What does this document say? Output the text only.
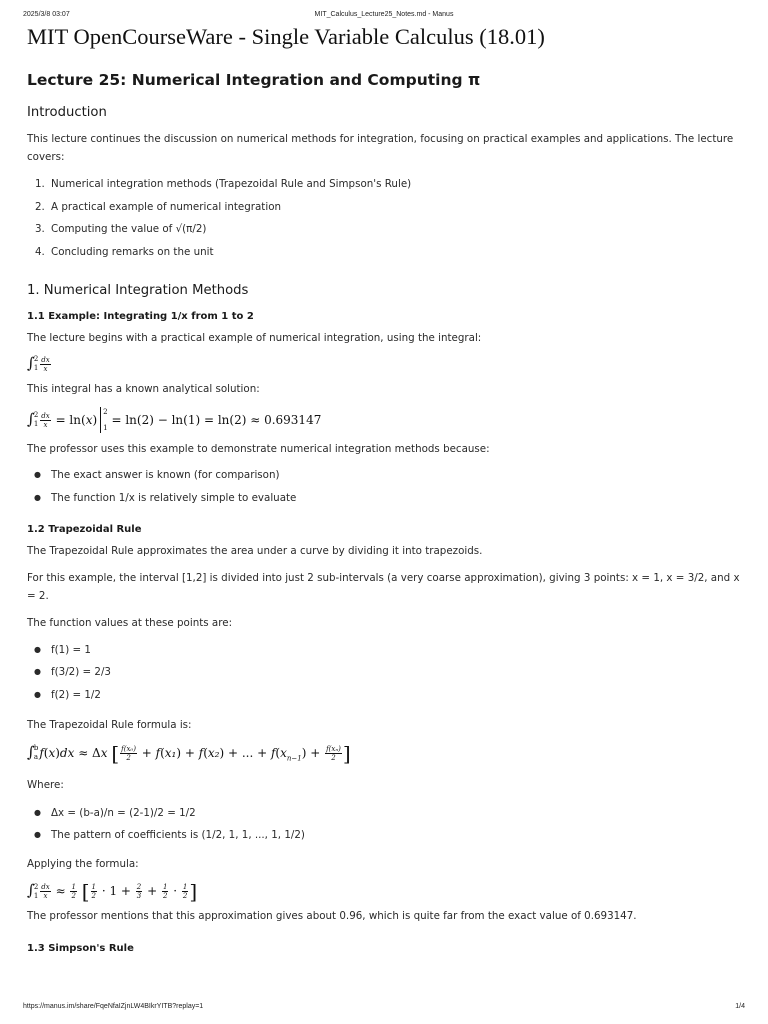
2025/3/8 03:07	MIT_Calculus_Lecture25_Notes.md - Manus
MIT OpenCourseWare - Single Variable Calculus (18.01)
Lecture 25: Numerical Integration and Computing π
Introduction

This lecture continues the discussion on numerical methods for integration, focusing on practical examples and applications. The lecture covers:

1. Numerical integration methods (Trapezoidal Rule and Simpson's Rule)
2. A practical example of numerical integration
3. Computing the value of √(π/2)
4. Concluding remarks on the unit
1. Numerical Integration Methods
1.1 Example: Integrating 1/x from 1 to 2

The lecture begins with a practical example of numerical integration, using the integral:

∫ 2
$1 \frac{dx}{x}$

This integral has a known analytical solution:

∫ 2
$1 \frac{dx}{x} = \ln(x)$
2
1
= ln(2) − ln(1) = ln(2) ≈ 0.693147

The professor uses this example to demonstrate numerical integration methods because:

● The exact answer is known (for comparison)
● The function 1/x is relatively simple to evaluate
1.2 Trapezoidal Rule

The Trapezoidal Rule approximates the area under a curve by dividing it into trapezoids.

For this example, the interval [1,2] is divided into just 2 sub-intervals (a very coarse approximation), giving 3 points: x = 1, x = 3/2, and x = 2.

The function values at these points are:

● f(1) = 1
● f(3/2) = 2/3
● f(2) = 1/2

The Trapezoidal Rule formula is:

∫ b
a f(x)dx ≈ Δx [ $\frac{\text{f(x₀)}}{2} + f(x_1) + f(x_2)$ + ... + $f(x_{n-1}) + \frac{\text{f(xₙ)}}{2}$ ]

Where:

● Δx = (b-a)/n = (2-1)/2 = 1/2
● The pattern of coefficients is (1/2, 1, 1, ..., 1, 1/2)

Applying the formula:

∫ 2
$1 \frac{dx}{x} \approx \frac{1}{2}$ [ $\frac{1}{2} \cdot 1 + \frac{2}{3} + \frac{1}{2} \cdot \frac{1}{2}$ ]

The professor mentions that this approximation gives about 0.96, which is quite far from the exact value of 0.693147.

1.3 Simpson's Rule
https://manus.im/share/FqeNfaIZjnLW4BIkrYITB?replay=1	1/4
